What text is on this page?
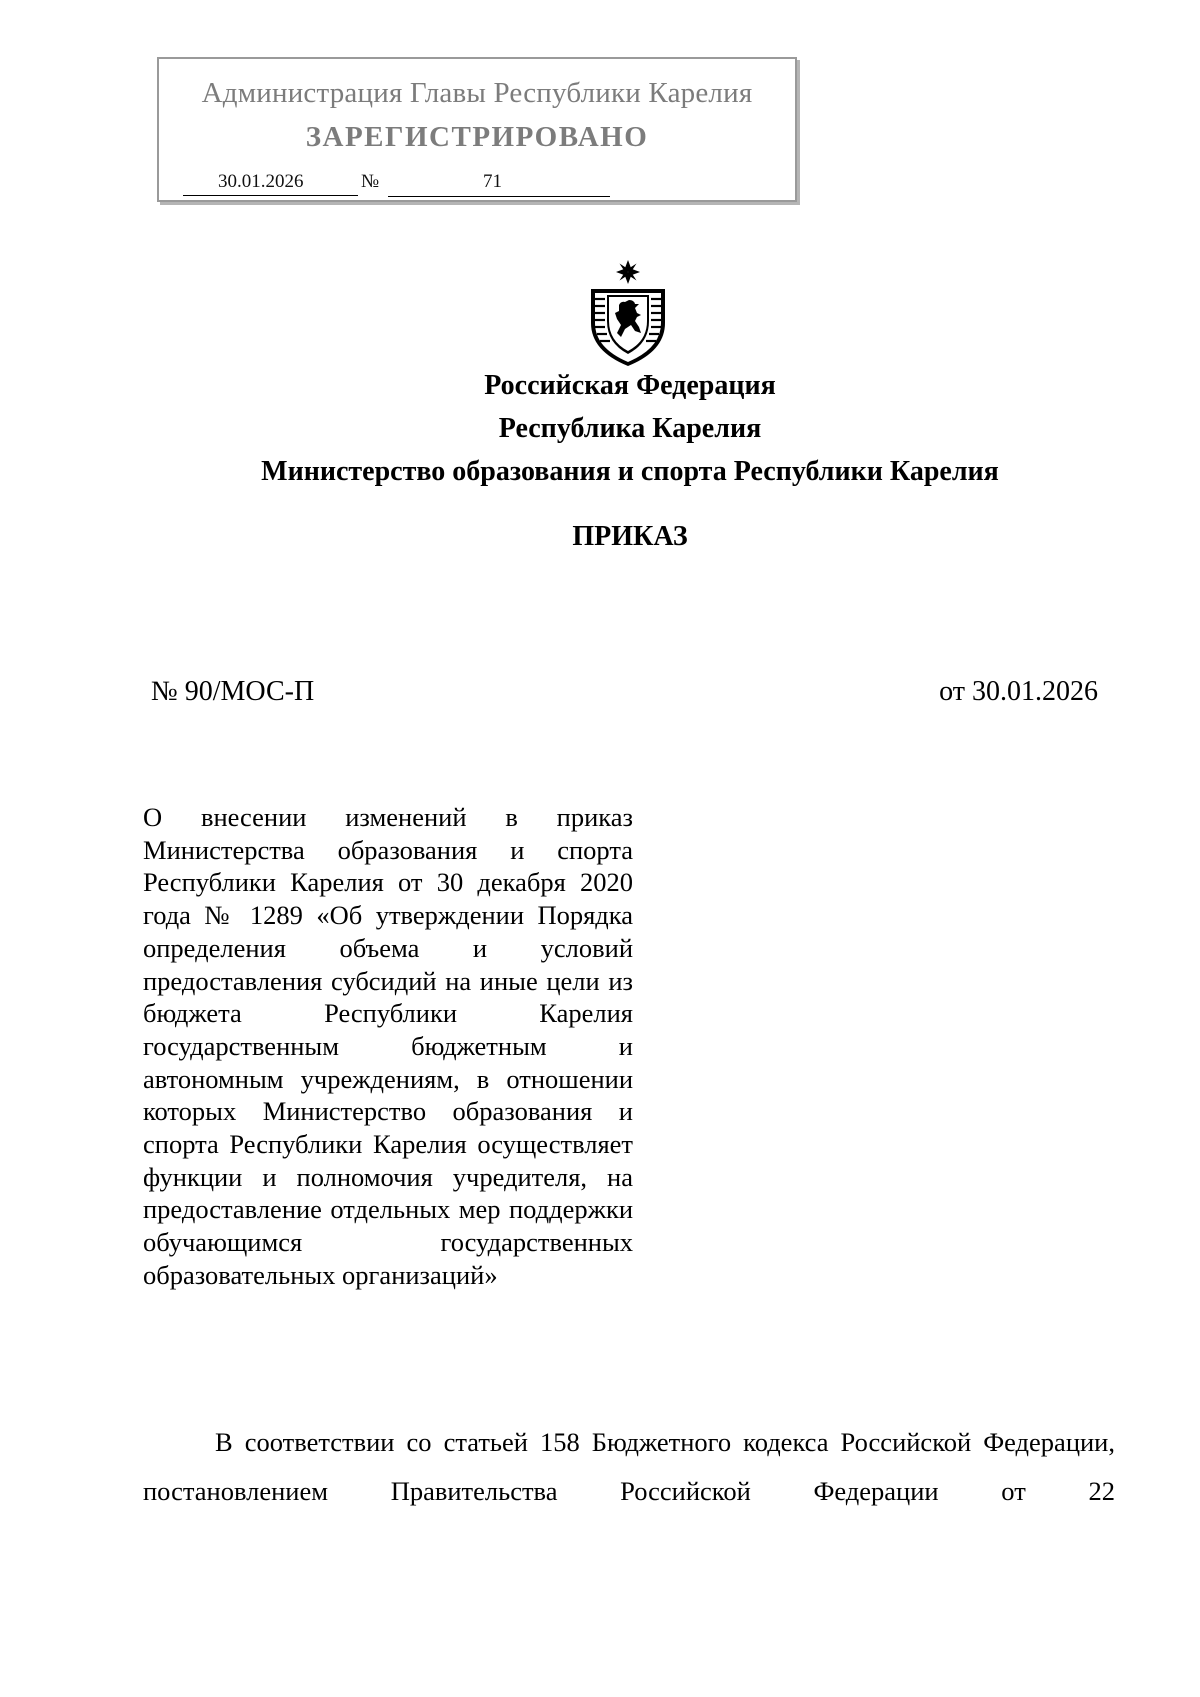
Администрация Главы Республики Карелия
ЗАРЕГИСТРИРОВАНО
30.01.2026	№	71
Российская Федерация
Республика Карелия
Министерство образования и спорта Республики Карелия
ПРИКАЗ
№ 90/МОС-П	от 30.01.2026
О внесении изменений в приказ Министерства образования и спорта Республики Карелия от 30 декабря 2020 года № 1289 «Об утверждении Порядка определения объема и условий предоставления субсидий на иные цели из бюджета Республики Карелия государственным бюджетным и автономным учреждениям, в отношении которых Министерство образования и спорта Республики Карелия осуществляет функции и полномочия учредителя, на предоставление отдельных мер поддержки обучающимся государственных образовательных организаций»
В соответствии со статьей 158 Бюджетного кодекса Российской Федерации, постановлением Правительства Российской Федерации от 22
